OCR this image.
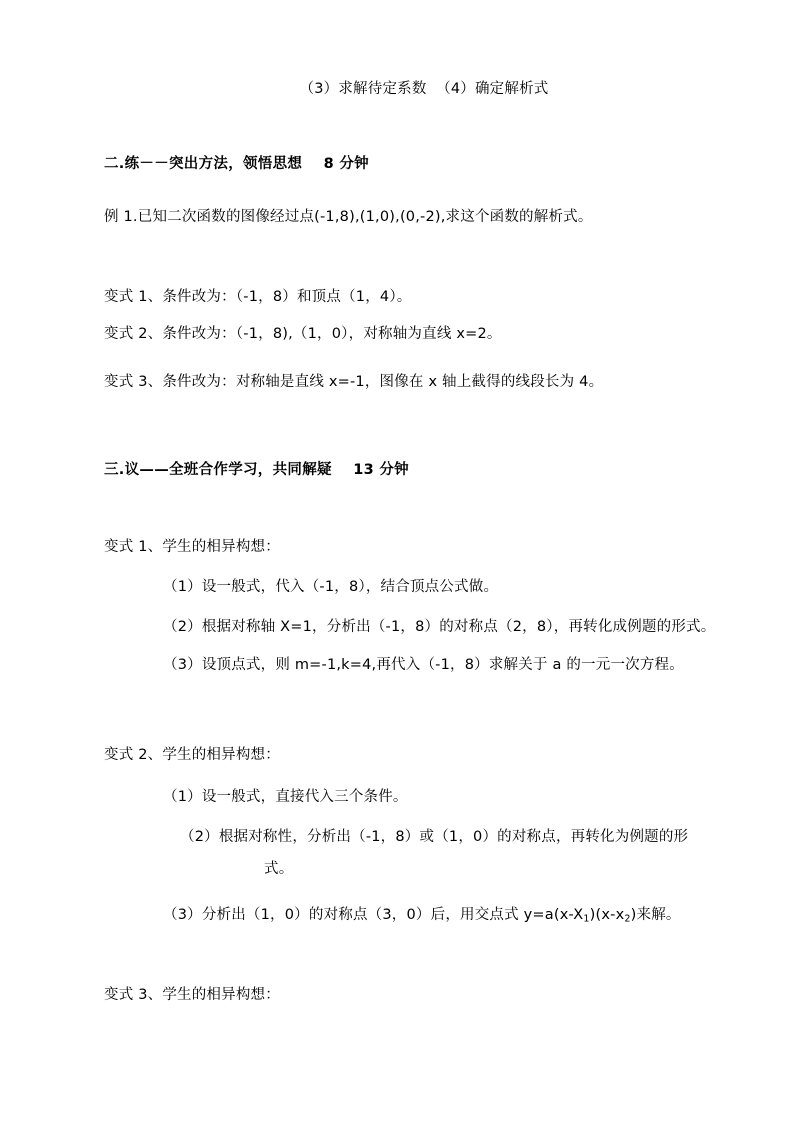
（3）求解待定系数  （4）确定解析式
二.练－－突出方法，领悟思想    8 分钟
例 1.已知二次函数的图像经过点(-1,8),(1,0),(0,-2),求这个函数的解析式。
变式 1、条件改为：（-1，8）和顶点（1，4）。
变式 2、条件改为：（-1，8),（1，0），对称轴为直线 x=2。
变式 3、条件改为：对称轴是直线 x=-1，图像在 x 轴上截得的线段长为 4。
三.议——全班合作学习，共同解疑    13 分钟
变式 1、学生的相异构想：
（1）设一般式，代入（-1，8），结合顶点公式做。
（2）根据对称轴 X=1，分析出（-1，8）的对称点（2，8），再转化成例题的形式。
（3）设顶点式，则 m=-1,k=4,再代入（-1，8）求解关于 a 的一元一次方程。
变式 2、学生的相异构想：
（1）设一般式，直接代入三个条件。
（2）根据对称性，分析出（-1，8）或（1，0）的对称点，再转化为例题的形
式。
（3）分析出（1，0）的对称点（3，0）后，用交点式 $y=a(x-X_1)(x-x_2)$来解。
变式 3、学生的相异构想：
